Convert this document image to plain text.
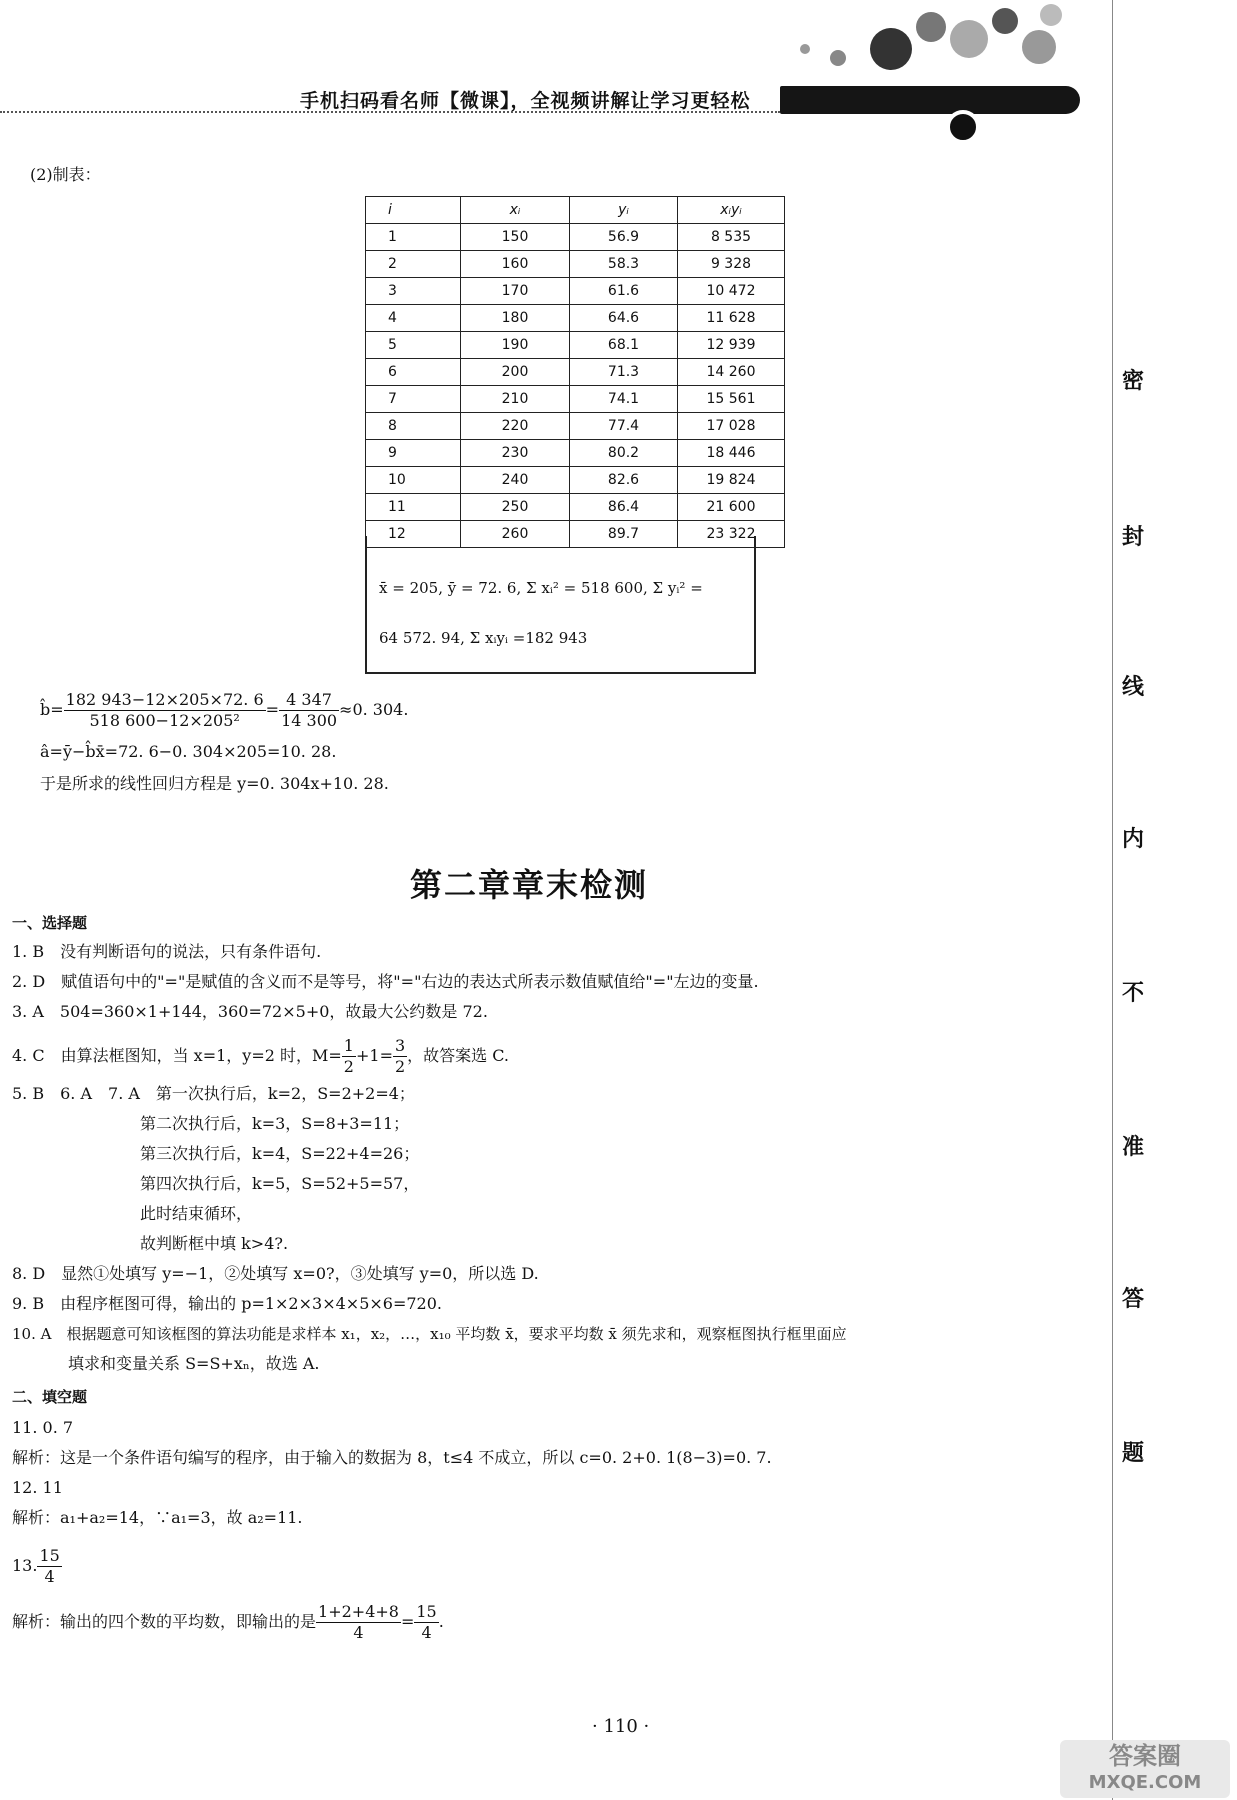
手机扫码看名师【微课】，全视频讲解让学习更轻松
密
封
线
内
不
准
答
题
(2)制表：
i	xᵢ	yᵢ	xᵢyᵢ
1	150	56.9	8 535
2	160	58.3	9 328
3	170	61.6	10 472
4	180	64.6	11 628
5	190	68.1	12 939
6	200	71.3	14 260
7	210	74.1	15 561
8	220	77.4	17 028
9	230	80.2	18 446
10	240	82.6	19 824
11	250	86.4	21 600
12	260	89.7	23 322
x̄ = 205, ȳ = 72. 6, Σ xᵢ² = 518 600, Σ yᵢ² =
64 572. 94, Σ xᵢyᵢ =182 943
b̂= $\frac{182 943-12\times 205\times 72. 6}{\text{518 600−12×205²}} = \frac{4 347}{14 300} \approx 0$. 304.
â=ȳ−b̂x̄=72. 6−0. 304×205=10. 28.
于是所求的线性回归方程是 y=0. 304x+10. 28.
第二章章末检测
一、选择题
1. B　没有判断语句的说法，只有条件语句.
2. D　赋值语句中的"="是赋值的含义而不是等号，将"="右边的表达式所表示数值赋值给"="左边的变量.
3. A　504=360×1+144，360=72×5+0，故最大公约数是 72.
4. C　由算法框图知，当 x=1，y=2 时，$M= \frac{1}{2} +1= \frac{3}{2}$ ，故答案选 C.
5. B　6. A　7. A　第一次执行后，k=2，S=2+2=4；
第二次执行后，k=3，S=8+3=11；
第三次执行后，k=4，S=22+4=26；
第四次执行后，k=5，S=52+5=57，
此时结束循环，
故判断框中填 k>4?.
8. D　显然①处填写 y=−1，②处填写 x=0?，③处填写 y=0，所以选 D.
9. B　由程序框图可得，输出的 p=1×2×3×4×5×6=720.
10. A　根据题意可知该框图的算法功能是求样本 x₁，x₂，…，x₁₀ 平均数 x̄，要求平均数 x̄ 须先求和，观察框图执行框里面应
填求和变量关系 S=S+xₙ，故选 A.
二、填空题
11. 0. 7
解析：这是一个条件语句编写的程序，由于输入的数据为 8，t≤4 不成立，所以 c=0. 2+0. 1(8−3)=0. 7.
12. 11
解析：a₁+a₂=14，∵a₁=3，故 a₂=11.
13. $\frac{15}{4}$
解析：输出的四个数的平均数，即输出的是 $\frac{1+2+4+8}{4} = \frac{15}{4}$ .
· 110 ·
答案圈
MXQE.COM
